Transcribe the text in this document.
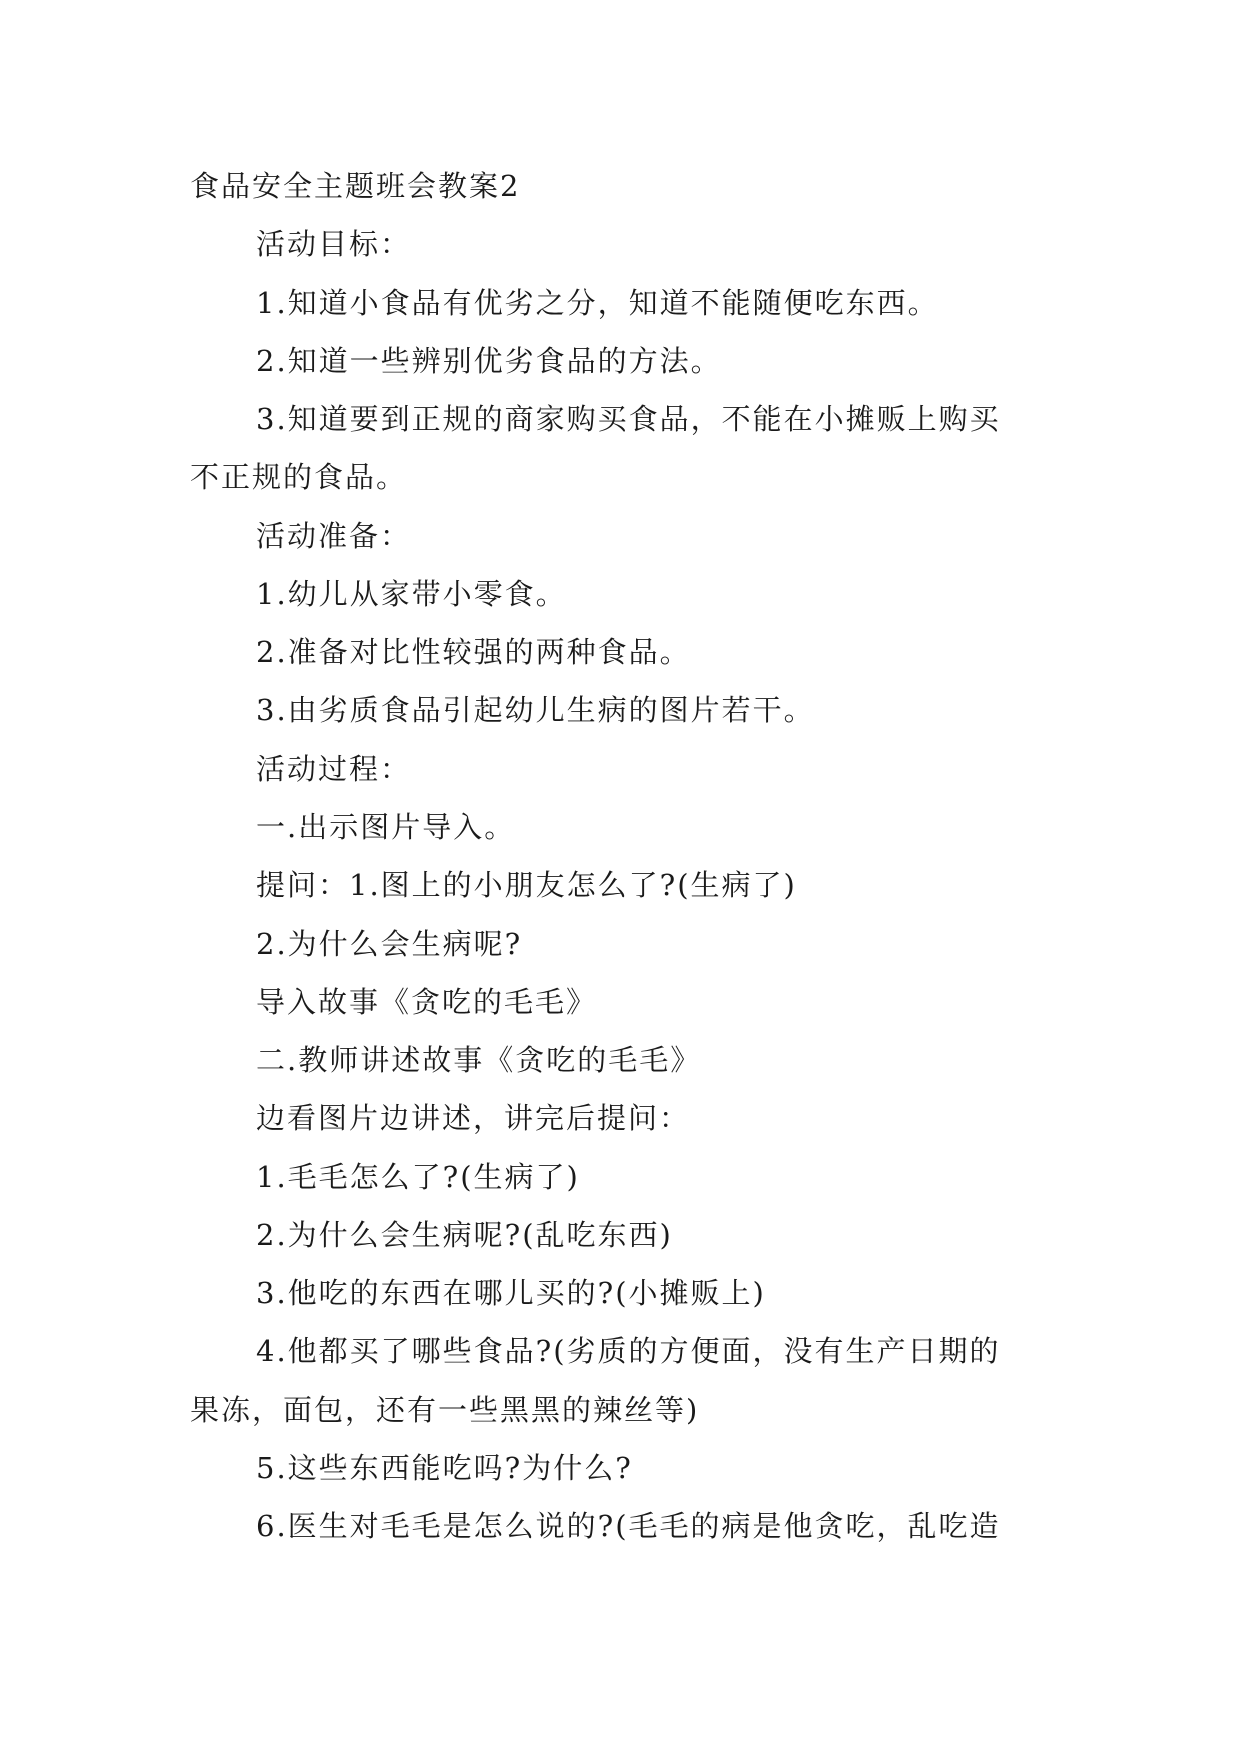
食品安全主题班会教案2
活动目标：
1.知道小食品有优劣之分，知道不能随便吃东西。
2.知道一些辨别优劣食品的方法。
3.知道要到正规的商家购买食品，不能在小摊贩上购买
不正规的食品。
活动准备：
1.幼儿从家带小零食。
2.准备对比性较强的两种食品。
3.由劣质食品引起幼儿生病的图片若干。
活动过程：
一.出示图片导入。
提问：1.图上的小朋友怎么了?(生病了)
2.为什么会生病呢?
导入故事《贪吃的毛毛》
二.教师讲述故事《贪吃的毛毛》
边看图片边讲述，讲完后提问：
1.毛毛怎么了?(生病了)
2.为什么会生病呢?(乱吃东西)
3.他吃的东西在哪儿买的?(小摊贩上)
4.他都买了哪些食品?(劣质的方便面，没有生产日期的
果冻，面包，还有一些黑黑的辣丝等)
5.这些东西能吃吗?为什么?
6.医生对毛毛是怎么说的?(毛毛的病是他贪吃，乱吃造
